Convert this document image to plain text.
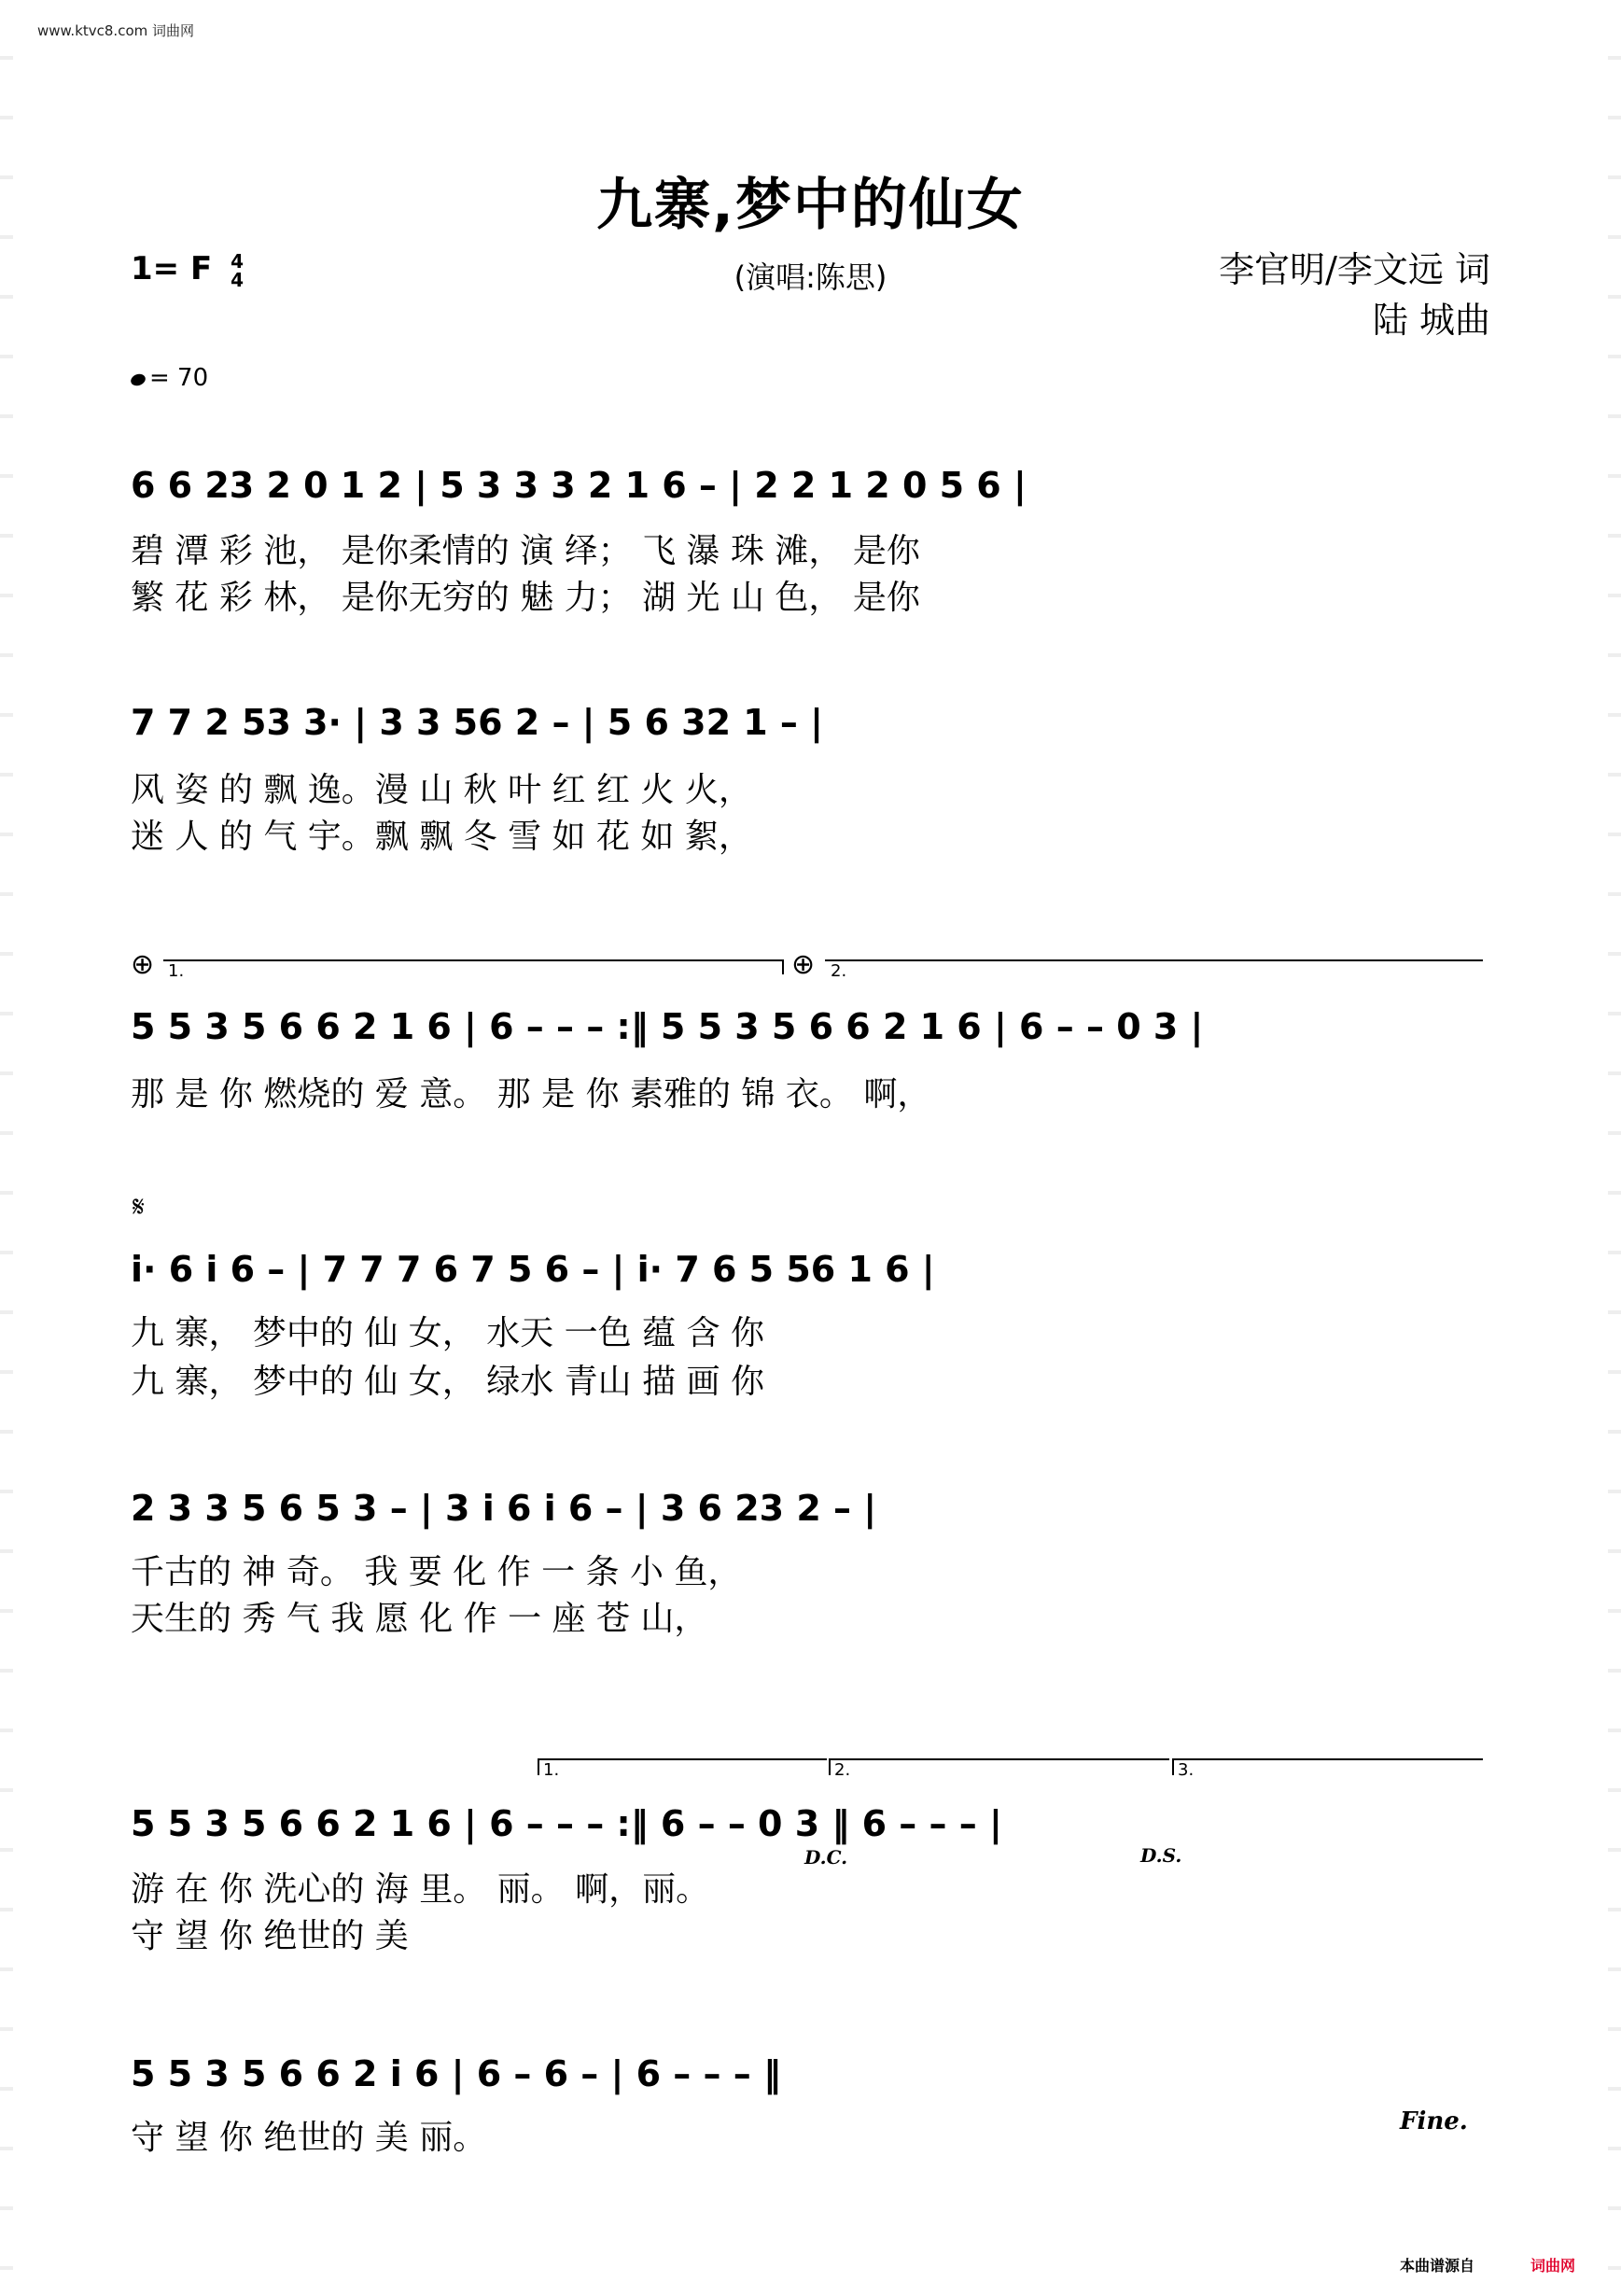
www.ktvc8.com 词曲网
九寨,梦中的仙女
1= F 4
4	(演唱:陈思)	李官明/李文远 词
陆 城曲
= 70
6 6 23 2 0 1 2 | 5 3 3 3 2 1 6 – | 2 2 1 2 0 5 6 |
碧 潭 彩 池， 是你柔情的 演 绎； 飞 瀑 珠 滩， 是你
繁 花 彩 林， 是你无穷的 魅 力； 湖 光 山 色， 是你
7 7 2 53 3· | 3 3 56 2 – | 5 6 32 1 – |
风 姿 的 飘 逸。漫 山 秋 叶 红 红 火 火，
迷 人 的 气 宇。飘 飘 冬 雪 如 花 如 絮，
⊕ 1.	⊕ 2.
5 5 3 5 6 6 2 1 6 | 6 – – – :‖ 5 5 3 5 6 6 2 1 6 | 6 – – 0 3 |
那 是 你 燃烧的 爱 意。 那 是 你 素雅的 锦 衣。 啊，
𝄋
i· 6 i 6 – | 7 7 7 6 7 5 6 – | i· 7 6 5 56 1 6 |
九 寨， 梦中的 仙 女， 水天 一色 蕴 含 你
九 寨， 梦中的 仙 女， 绿水 青山 描 画 你
2 3 3 5 6 5 3 – | 3 i 6 i 6 – | 3 6 23 2 – |
千古的 神 奇。 我 要 化 作 一 条 小 鱼，
天生的 秀 气 我 愿 化 作 一 座 苍 山，
1.	2.	3.
5 5 3 5 6 6 2 1 6 | 6 – – – :‖ 6 – – 0 3 ‖ 6 – – – |
D.C.	D.S.
游 在 你 洗心的 海 里。 丽。 啊，丽。
守 望 你 绝世的 美
5 5 3 5 6 6 2 i 6 | 6 – 6 – | 6 – – – ‖
守 望 你 绝世的 美 丽。	Fine.
本曲谱源自	词曲网
